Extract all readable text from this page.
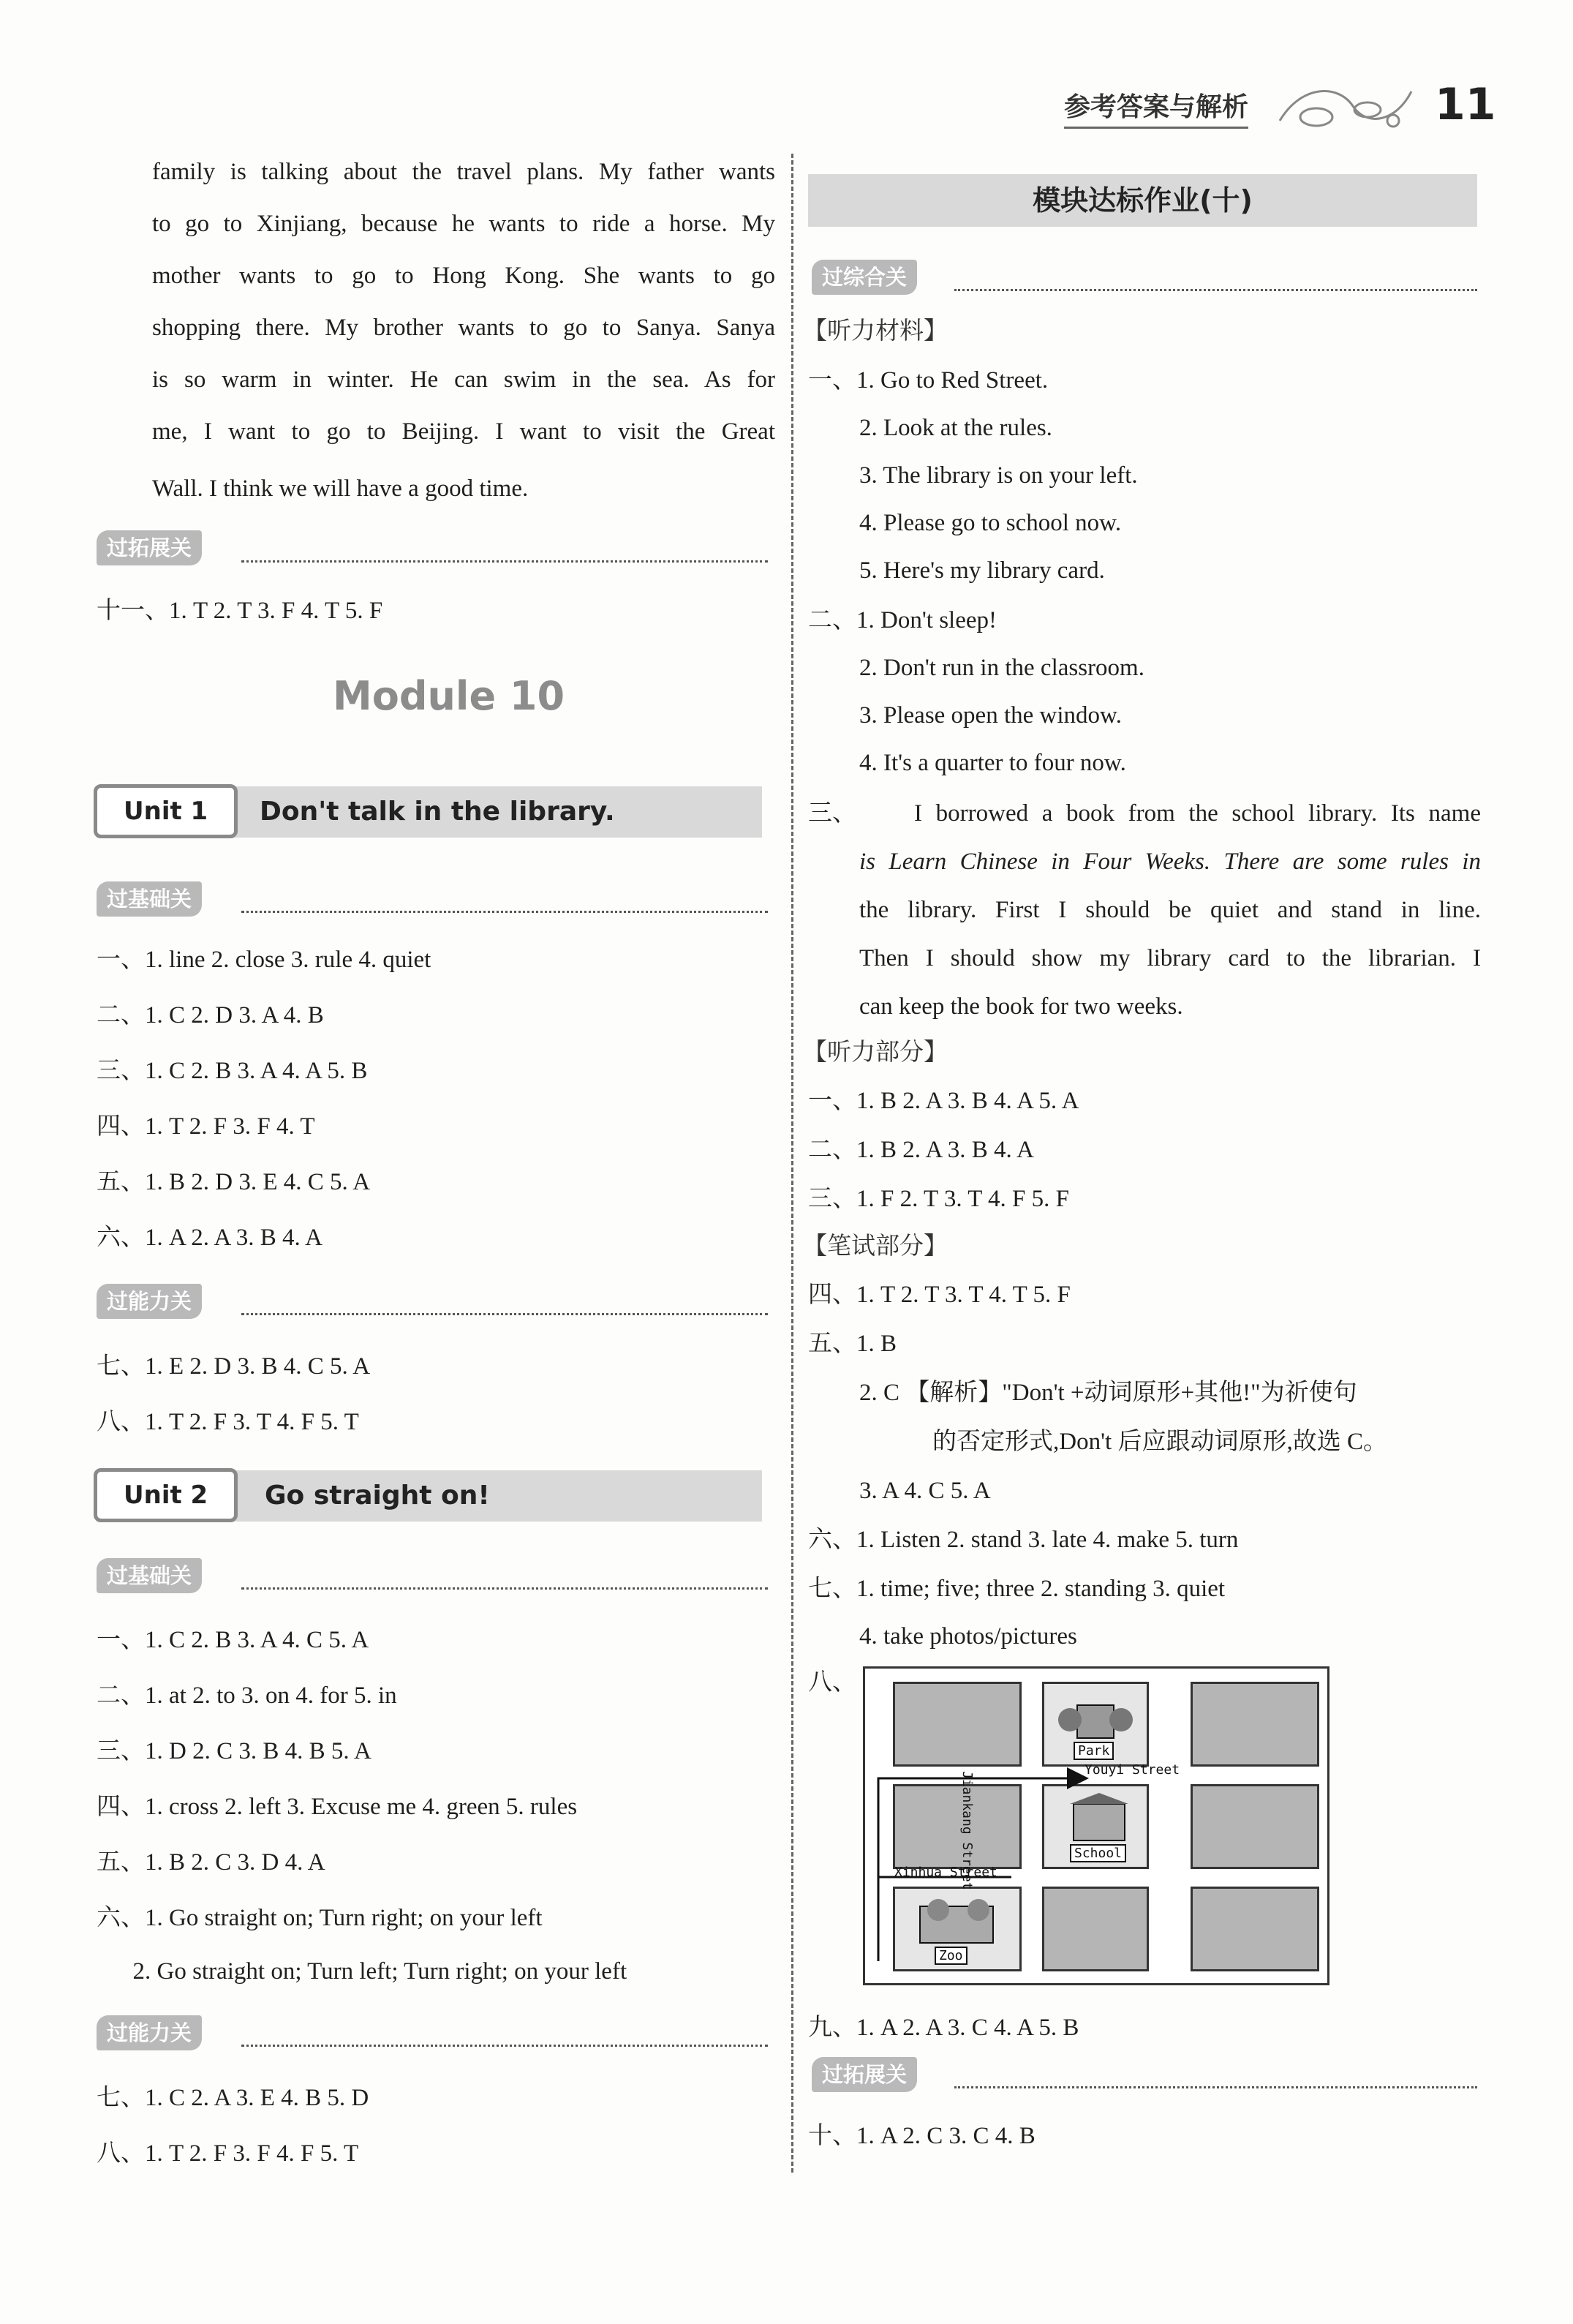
参考答案与解析	11
family is talking about the travel plans. My father wants
to go to Xinjiang, because he wants to ride a horse. My
mother wants to go to Hong Kong. She wants to go
shopping there. My brother wants to go to Sanya. Sanya
is so warm in winter. He can swim in the sea. As for
me, I want to go to Beijing. I want to visit the Great
Wall. I think we will have a good time.
过拓展关
十一、1. T 2. T 3. F 4. T 5. F
Module 10
Unit 1	Don't talk in the library.
过基础关
一、1. line 2. close 3. rule 4. quiet
二、1. C 2. D 3. A 4. B
三、1. C 2. B 3. A 4. A 5. B
四、1. T 2. F 3. F 4. T
五、1. B 2. D 3. E 4. C 5. A
六、1. A 2. A 3. B 4. A
过能力关
七、1. E 2. D 3. B 4. C 5. A
八、1. T 2. F 3. T 4. F 5. T
Unit 2	Go straight on!
过基础关
一、1. C 2. B 3. A 4. C 5. A
二、1. at 2. to 3. on 4. for 5. in
三、1. D 2. C 3. B 4. B 5. A
四、1. cross 2. left 3. Excuse me 4. green 5. rules
五、1. B 2. C 3. D 4. A
六、1. Go straight on; Turn right; on your left
2. Go straight on; Turn left; Turn right; on your left
过能力关
七、1. C 2. A 3. E 4. B 5. D
八、1. T 2. F 3. F 4. F 5. T
模块达标作业(十)
过综合关
【听力材料】
一、1. Go to Red Street.
2. Look at the rules.
3. The library is on your left.
4. Please go to school now.
5. Here's my library card.
二、1. Don't sleep!
2. Don't run in the classroom.
3. Please open the window.
4. It's a quarter to four now.
三、 I borrowed a book from the school library. Its name
is Learn Chinese in Four Weeks. There are some rules in
the library. First I should be quiet and stand in line.
Then I should show my library card to the librarian. I
can keep the book for two weeks.
【听力部分】
一、1. B 2. A 3. B 4. A 5. A
二、1. B 2. A 3. B 4. A
三、1. F 2. T 3. T 4. F 5. F
【笔试部分】
四、1. T 2. T 3. T 4. T 5. F
五、1. B
2. C 【解析】"Don't +动词原形+其他!"为祈使句
的否定形式,Don't 后应跟动词原形,故选 C。
3. A 4. C 5. A
六、1. Listen 2. stand 3. late 4. make 5. turn
七、1. time; five; three 2. standing 3. quiet
4. take photos/pictures
八、
Jiankang Street
Youyi Street
Xinhua Street
Park
School
Zoo
九、1. A 2. A 3. C 4. A 5. B
过拓展关
十、1. A 2. C 3. C 4. B
